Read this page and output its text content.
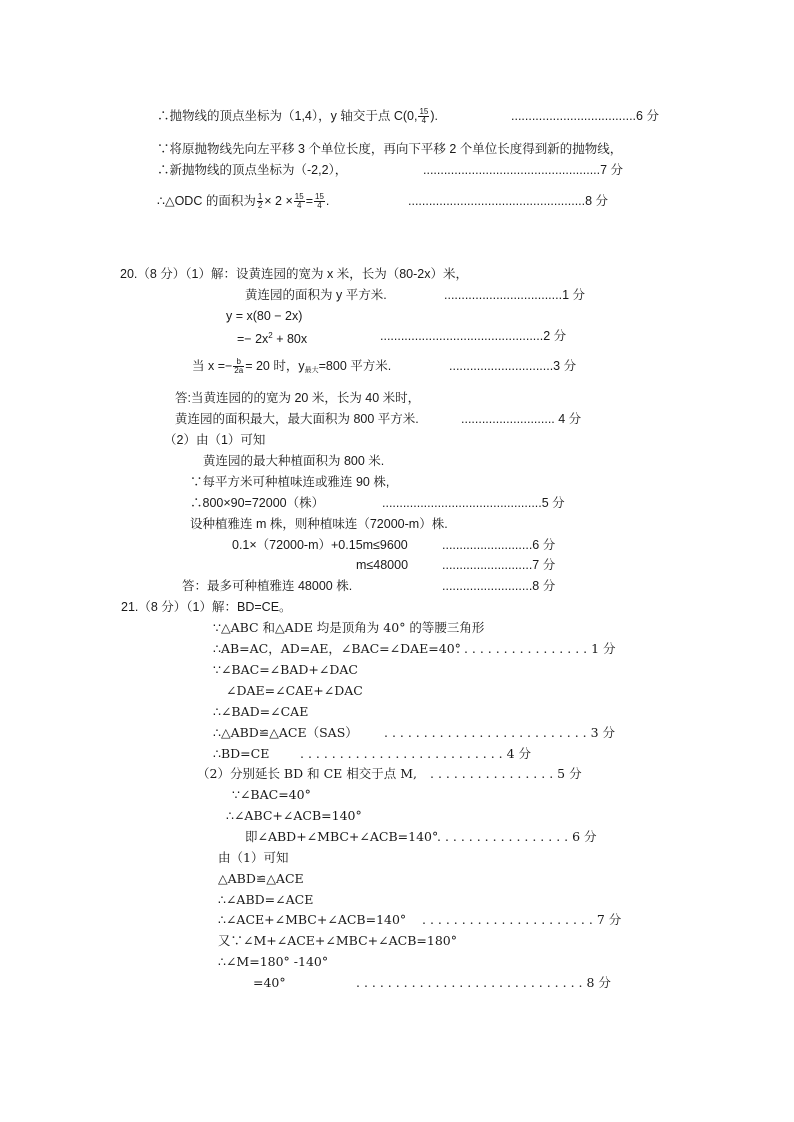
∴抛物线的顶点坐标为（1,4），y 轴交于点 C(0, $\frac{15}{4}$ ).	....................................6 分
∵将原抛物线先向左平移 3 个单位长度，再向下平移 2 个单位长度得到新的抛物线，
∴新抛物线的顶点坐标为（-2,2），	...................................................7 分
∴△ODC 的面积为 $\frac{1}{2} \times 2 \times \frac{15}{4} = \frac{15}{4}$ .	...................................................8 分
20.（8 分）（1）解：设黄连园的宽为 x 米，长为（80-2x）米，
黄连园的面积为 y 平方米.	..................................1 分
y = x(80 − 2x)
=− $2x^2 + 80x$	...............................................2 分
当 $x =- \frac{b}{2a} = 20$ 时，$y_{最大}=800$ 平方米.	..............................3 分
答:当黄连园的的宽为 20 米，长为 40 米时，
黄连园的面积最大，最大面积为 800 平方米.	........................... 4 分
（2）由（1）可知
黄连园的最大种植面积为 800 米.
∵每平方米可种植味连或雅连 90 株,
∴800×90=72000（株）	..............................................5 分
设种植雅连 m 株，则种植味连（72000-m）株.
0.1×（72000-m）+0.15m≤9600	..........................6 分
m≤48000	..........................7 分
答：最多可种植雅连 48000 株.	..........................8 分
21.（8 分）（1）解：BD=CE。
∵△ABC 和△ADE 均是顶角为 40° 的等腰三角形
∴AB=AC，AD=AE，∠BAC=∠DAE=40°
. . . . . . . . . . . . . . . . . 1 分
∵∠BAC=∠BAD+∠DAC
∠DAE=∠CAE+∠DAC
∴∠BAD=∠CAE
∴△ABD≌△ACE（SAS） . . . . . . . . . . . . . . . . . . . . . . . . . . 3 分
∴BD=CE . . . . . . . . . . . . . . . . . . . . . . . . . . 4 分
（2）分别延长 BD 和 CE 相交于点 M, . . . . . . . . . . . . . . . . 5 分
∵∠BAC=40°
∴∠ABC+∠ACB=140°
即∠ABD+∠MBC+∠ACB=140°
. . . . . . . . . . . . . . . . . 6 分
由（1）可知
△ABD≌△ACE
∴∠ABD=∠ACE
∴∠ACE+∠MBC+∠ACB=140° . . . . . . . . . . . . . . . . . . . . . . 7 分
又∵∠M+∠ACE+∠MBC+∠ACB=180°
∴∠M=180° -140°
=40°	. . . . . . . . . . . . . . . . . . . . . . . . . . . . . 8 分
